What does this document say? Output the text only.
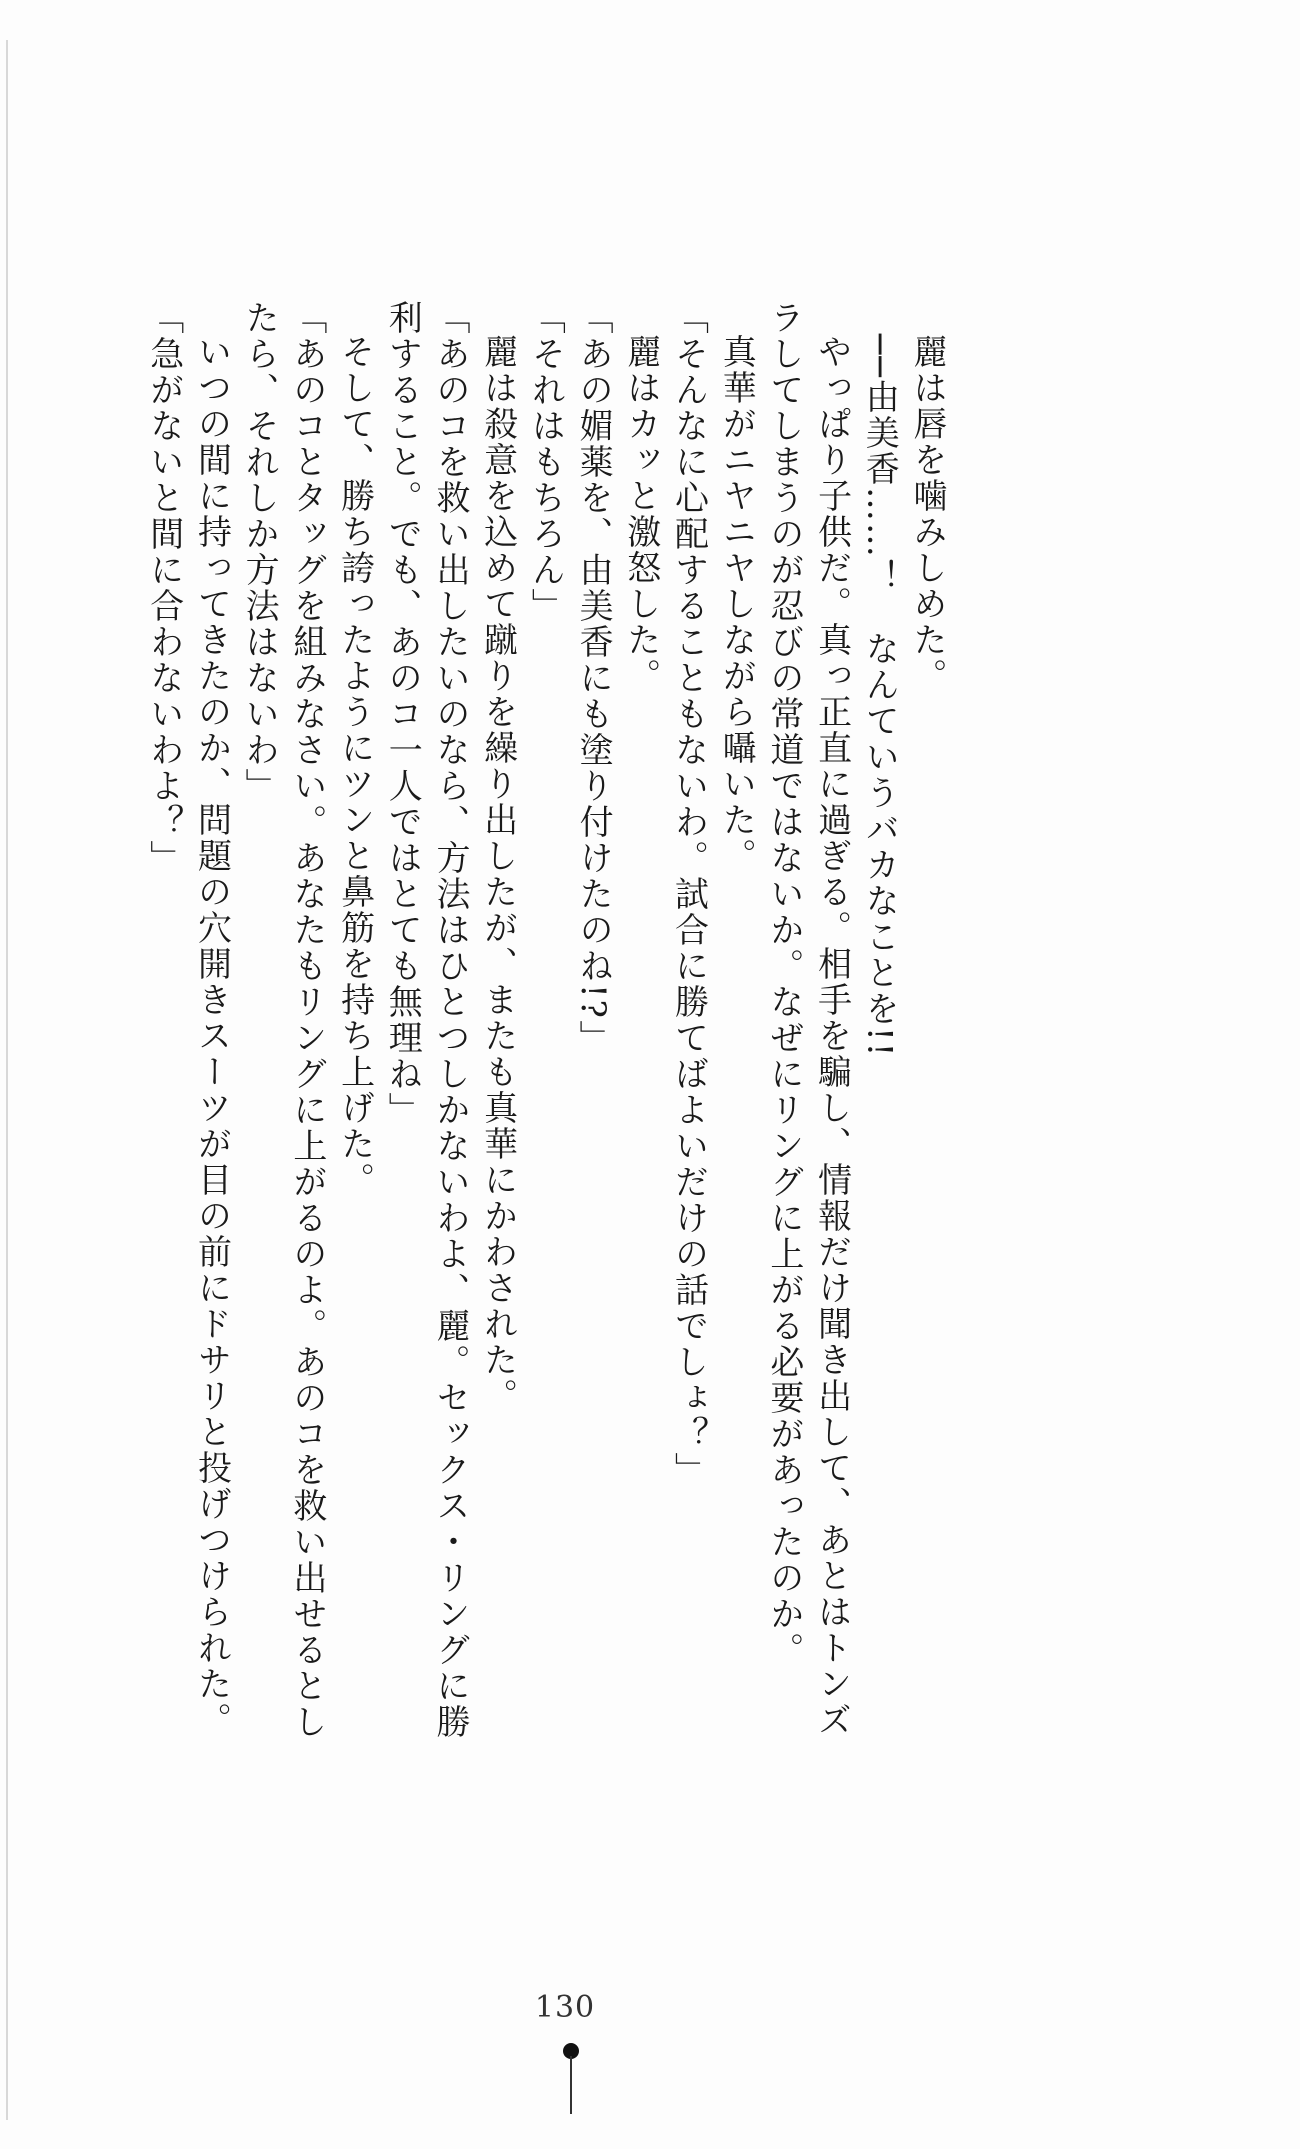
麗は唇を噛みしめた。
──由美香……！　なんていうバカなことを!!
やっぱり子供だ。真っ正直に過ぎる。相手を騙し、情報だけ聞き出して、あとはトンズ
ラしてしまうのが忍びの常道ではないか。なぜにリングに上がる必要があったのか。
真華がニヤニヤしながら囁いた。
「そんなに心配することもないわ。試合に勝てばよいだけの話でしょ？」
麗はカッと激怒した。
「あの媚薬を、由美香にも塗り付けたのね!?」
「それはもちろん」
麗は殺意を込めて蹴りを繰り出したが、またも真華にかわされた。
「あのコを救い出したいのなら、方法はひとつしかないわよ、麗。セックス・リングに勝
利すること。でも、あのコ一人ではとても無理ね」
そして、勝ち誇ったようにツンと鼻筋を持ち上げた。
「あのコとタッグを組みなさい。あなたもリングに上がるのよ。あのコを救い出せるとし
たら、それしか方法はないわ」
いつの間に持ってきたのか、問題の穴開きスーツが目の前にドサリと投げつけられた。
「急がないと間に合わないわよ？」
130
